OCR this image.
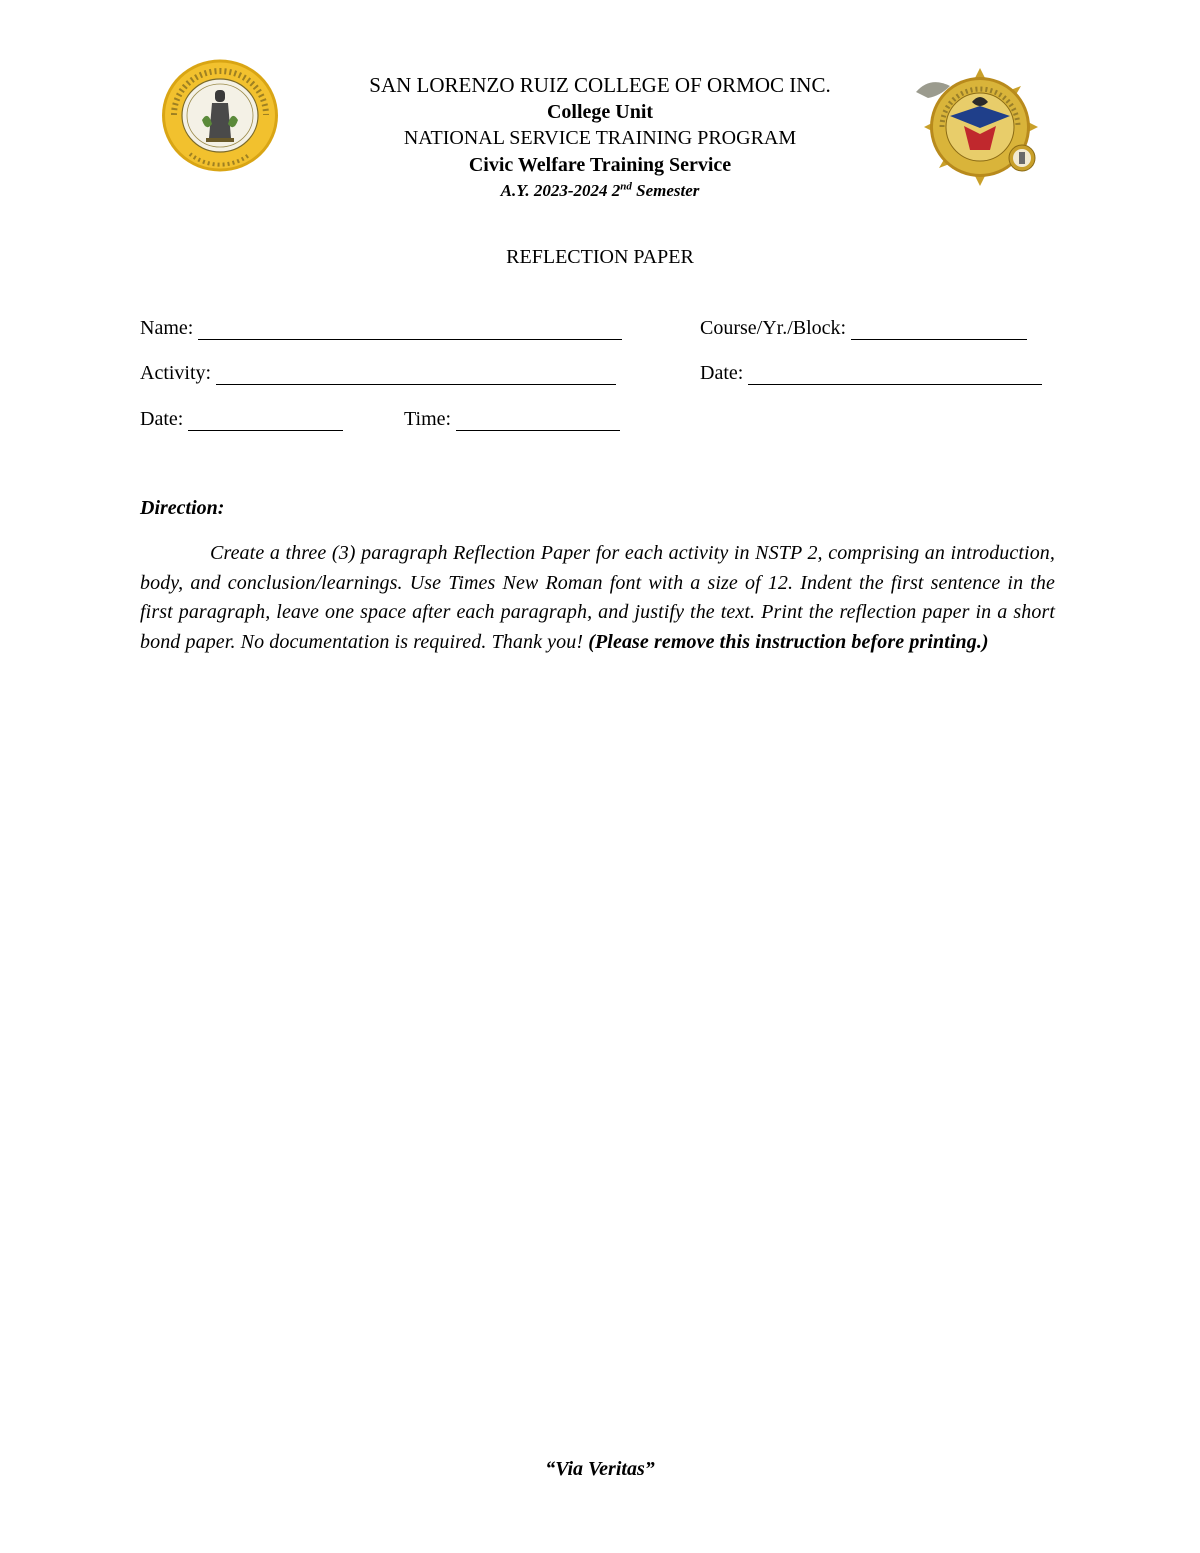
SAN LORENZO RUIZ COLLEGE OF ORMOC INC.
College Unit
NATIONAL SERVICE TRAINING PROGRAM
Civic Welfare Training Service
A.Y. 2023-2024 2nd Semester
REFLECTION PAPER
Name:	Course/Yr./Block:
Activity:	Date:
Date:	Time:
Direction:
Create a three (3) paragraph Reflection Paper for each activity in NSTP 2, comprising an introduction, body, and conclusion/learnings. Use Times New Roman font with a size of 12. Indent the first sentence in the first paragraph, leave one space after each paragraph, and justify the text. Print the reflection paper in a short bond paper. No documentation is required. Thank you! (Please remove this instruction before printing.)
“Via Veritas”
